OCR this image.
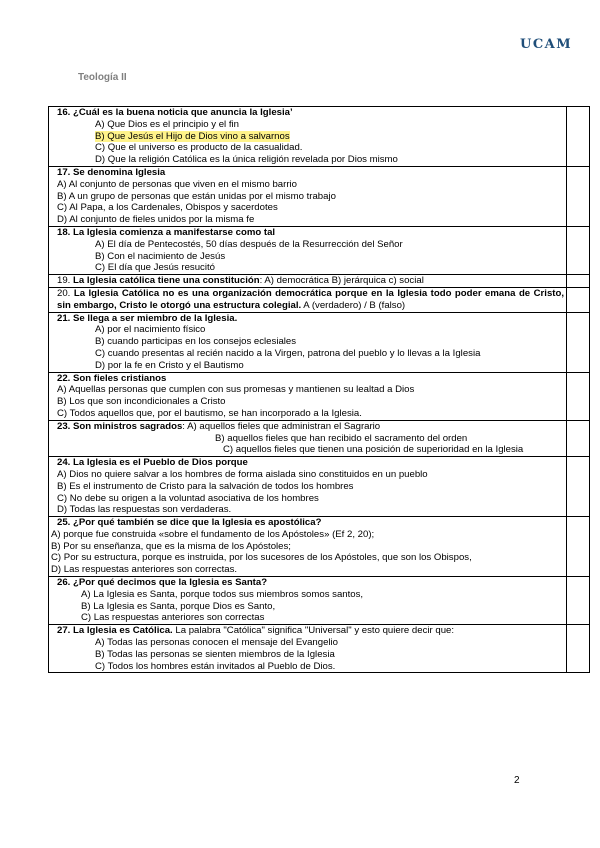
UCAM
Teología II
16. ¿Cuál es la buena noticia que anuncia la Iglesia’
A) Que Dios es el principio y el fin
B) Que Jesús el Hijo de Dios vino a salvarnos
C) Que el universo es producto de la casualidad.
D) Que la religión Católica es la única religión revelada por Dios mismo	

17. Se denomina Iglesia
A) Al conjunto de personas que viven en el mismo barrio
B) A un grupo de personas que están unidas por el mismo trabajo
C) Al Papa, a los Cardenales, Obispos y sacerdotes
D) Al conjunto de fieles unidos por la misma fe	

18. La Iglesia comienza a manifestarse como tal
A) El día de Pentecostés, 50 días después de la Resurrección del Señor
B) Con el nacimiento de Jesús
C) El día que Jesús resucitó	

19. La Iglesia católica tiene una constitución: A) democrática B) jerárquica c) social	

20. La Iglesia Católica no es una organización democrática porque en la Iglesia todo poder emana de Cristo, sin embargo, Cristo le otorgó una estructura colegial. A (verdadero) / B (falso)	

21. Se llega a ser miembro de la Iglesia.
A) por el nacimiento físico
B) cuando participas en los consejos eclesiales
C) cuando presentas al recién nacido a la Virgen, patrona del pueblo y lo llevas a la Iglesia
D) por la fe en Cristo y el Bautismo	

22. Son fieles cristianos
A) Aquellas personas que cumplen con sus promesas y mantienen su lealtad a Dios
B) Los que son incondicionales a Cristo
C) Todos aquellos que, por el bautismo, se han incorporado a la Iglesia.	

23. Son ministros sagrados: A) aquellos fieles que administran el Sagrario
B) aquellos fieles que han recibido el sacramento del orden
C) aquellos fieles que tienen una posición de superioridad en la Iglesia	

24. La Iglesia es el Pueblo de Dios porque
A) Dios no quiere salvar a los hombres de forma aislada sino constituidos en un pueblo
B) Es el instrumento de Cristo para la salvación de todos los hombres
C) No debe su origen a la voluntad asociativa de los hombres
D) Todas las respuestas son verdaderas.	

25. ¿Por qué también se dice que la Iglesia es apostólica?
A) porque fue construida «sobre el fundamento de los Apóstoles» (Ef 2, 20);
B) Por su enseñanza, que es la misma de los Apóstoles;
C) Por su estructura, porque es instruida, por los sucesores de los Apóstoles, que son los Obispos,
D) Las respuestas anteriores son correctas.	

26. ¿Por qué decimos que la Iglesia es Santa?
A) La Iglesia es Santa, porque todos sus miembros somos santos,
B) La Iglesia es Santa, porque Dios es Santo,
C) Las respuestas anteriores son correctas	

27. La Iglesia es Católica. La palabra "Católica" significa "Universal" y esto quiere decir que:
A) Todas las personas conocen el mensaje del Evangelio
B) Todas las personas se sienten miembros de la Iglesia
C) Todos los hombres están invitados al Pueblo de Dios.	

2
